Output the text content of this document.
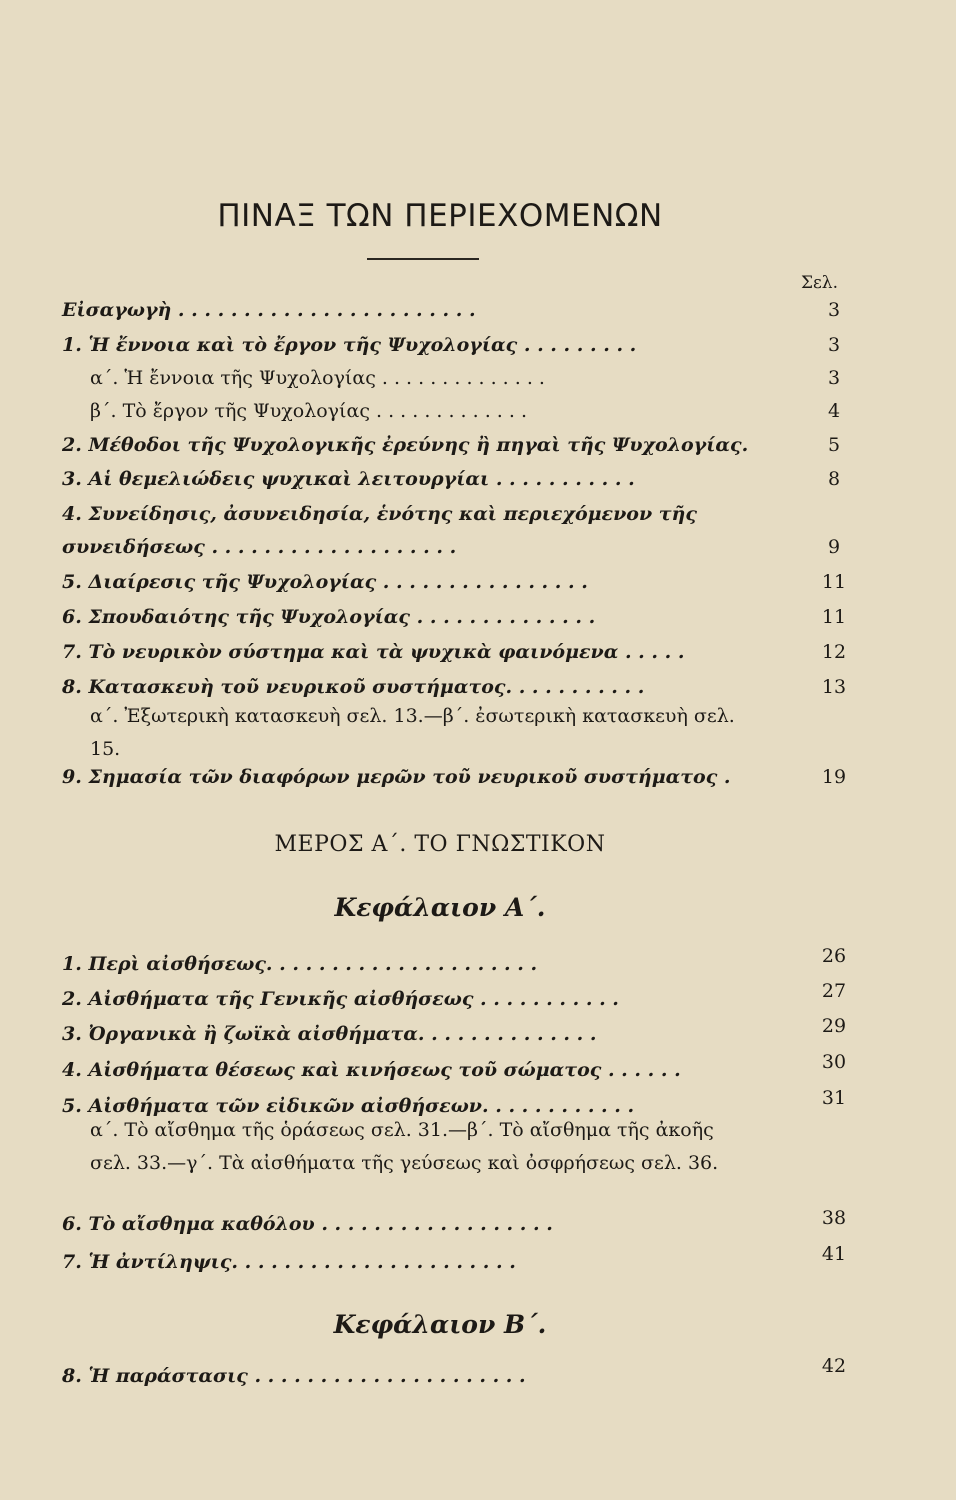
ΠΙΝΑΞ ΤΩΝ ΠΕΡΙΕΧΟΜΕΝΩΝ
Σελ.
Εἰσαγωγὴ . . . . . . . . . . . . . . . . . . . . . . .	3
1. Ἡ ἔννοια καὶ τὸ ἔργον τῆς Ψυχολογίας . . . . . . . . .	3
α΄. Ἡ ἔννοια τῆς Ψυχολογίας . . . . . . . . . . . . . .	3
β΄. Τὸ ἔργον τῆς Ψυχολογίας . . . . . . . . . . . . .	4
2. Μέθοδοι τῆς Ψυχολογικῆς ἐρεύνης ἢ πηγαὶ τῆς Ψυχολογίας.	5
3. Αἱ θεμελιώδεις ψυχικαὶ λειτουργίαι . . . . . . . . . . .	8
4. Συνείδησις, ἀσυνειδησία, ἑνότης καὶ περιεχόμενον τῆς
συνειδήσεως . . . . . . . . . . . . . . . . . . .	9
5. Διαίρεσις τῆς Ψυχολογίας . . . . . . . . . . . . . . . .	11
6. Σπουδαιότης τῆς Ψυχολογίας . . . . . . . . . . . . . .	11
7. Τὸ νευρικὸν σύστημα καὶ τὰ ψυχικὰ φαινόμενα . . . . .	12
8. Κατασκευὴ τοῦ νευρικοῦ συστήματος. . . . . . . . . . .	13
α΄. Ἐξωτερικὴ κατασκευὴ σελ. 13.—β΄. ἐσωτερικὴ κατασκευὴ σελ. 15.
9. Σημασία τῶν διαφόρων μερῶν τοῦ νευρικοῦ συστήματος .	19
ΜΕΡΟΣ Α΄. ΤΟ ΓΝΩΣΤΙΚΟΝ
Κεφάλαιον Α΄.
1. Περὶ αἰσθήσεως. . . . . . . . . . . . . . . . . . . . .	26
2. Αἰσθήματα τῆς Γενικῆς αἰσθήσεως . . . . . . . . . . .	27
3. Ὀργανικὰ ἢ ζωϊκὰ αἰσθήματα. . . . . . . . . . . . . .	29
4. Αἰσθήματα θέσεως καὶ κινήσεως τοῦ σώματος . . . . . .	30
5. Αἰσθήματα τῶν εἰδικῶν αἰσθήσεων. . . . . . . . . . . .	31
α΄. Τὸ αἴσθημα τῆς ὁράσεως σελ. 31.—β΄. Τὸ αἴσθημα τῆς ἀκοῆς σελ. 33.—γ΄. Τὰ αἰσθήματα τῆς γεύσεως καὶ ὀσφρήσεως σελ. 36.
6. Τὸ αἴσθημα καθόλου . . . . . . . . . . . . . . . . . .	38
7. Ἡ ἀντίληψις. . . . . . . . . . . . . . . . . . . . . .	41
Κεφάλαιον Β΄.
8. Ἡ παράστασις . . . . . . . . . . . . . . . . . . . . .	42
